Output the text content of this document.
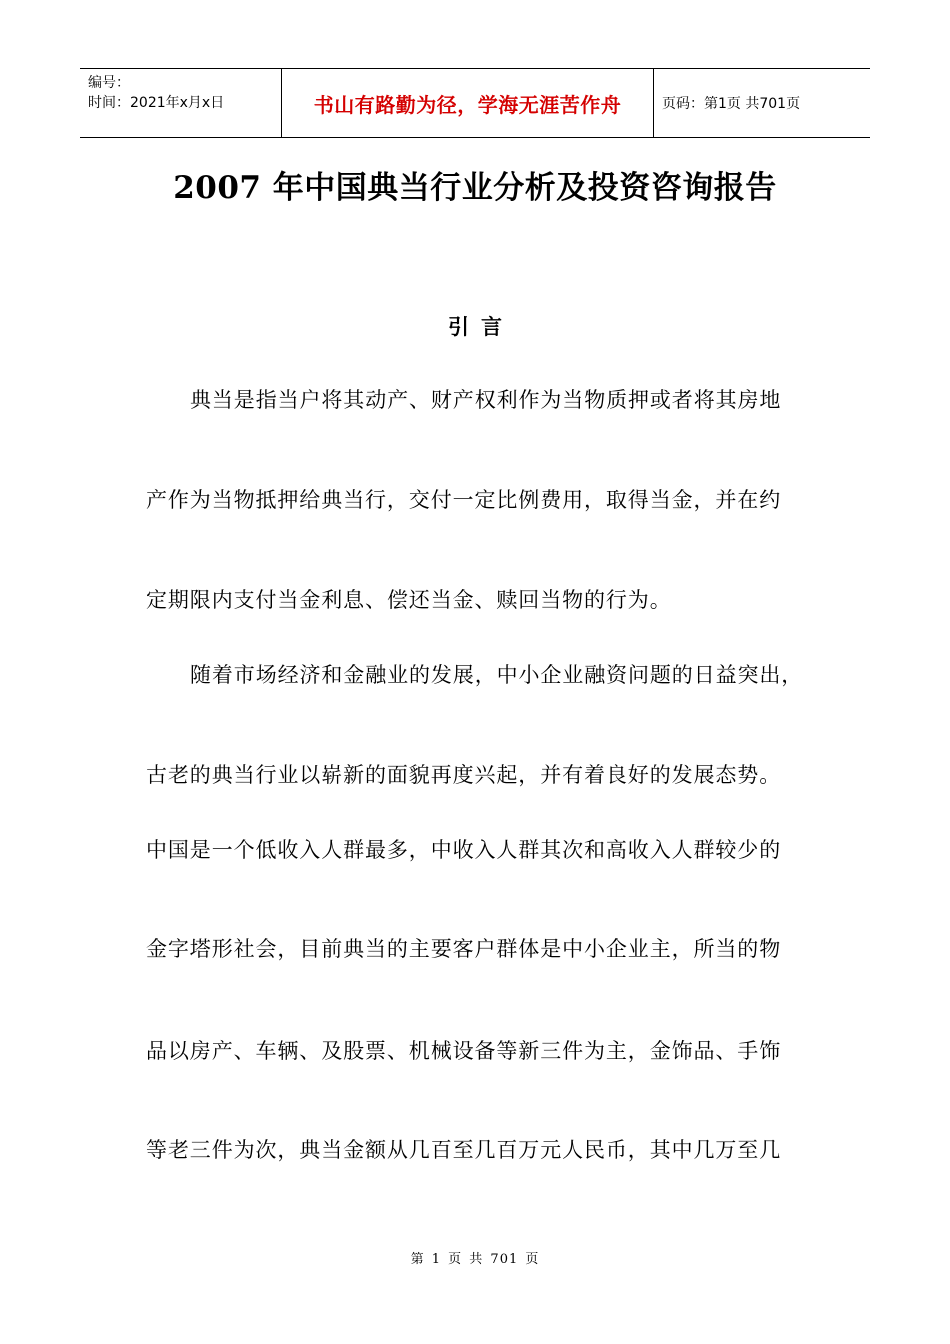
编号：
时间：2021年x月x日	书山有路勤为径，学海无涯苦作舟	页码：第1页 共701页
2007 年中国典当行业分析及投资咨询报告
引言
典当是指当户将其动产、财产权利作为当物质押或者将其房地
产作为当物抵押给典当行，交付一定比例费用，取得当金，并在约
定期限内支付当金利息、偿还当金、赎回当物的行为。
随着市场经济和金融业的发展，中小企业融资问题的日益突出，
古老的典当行业以崭新的面貌再度兴起，并有着良好的发展态势。
中国是一个低收入人群最多，中收入人群其次和高收入人群较少的
金字塔形社会，目前典当的主要客户群体是中小企业主，所当的物
品以房产、车辆、及股票、机械设备等新三件为主，金饰品、手饰
等老三件为次，典当金额从几百至几百万元人民币，其中几万至几
第 1 页 共 701 页
